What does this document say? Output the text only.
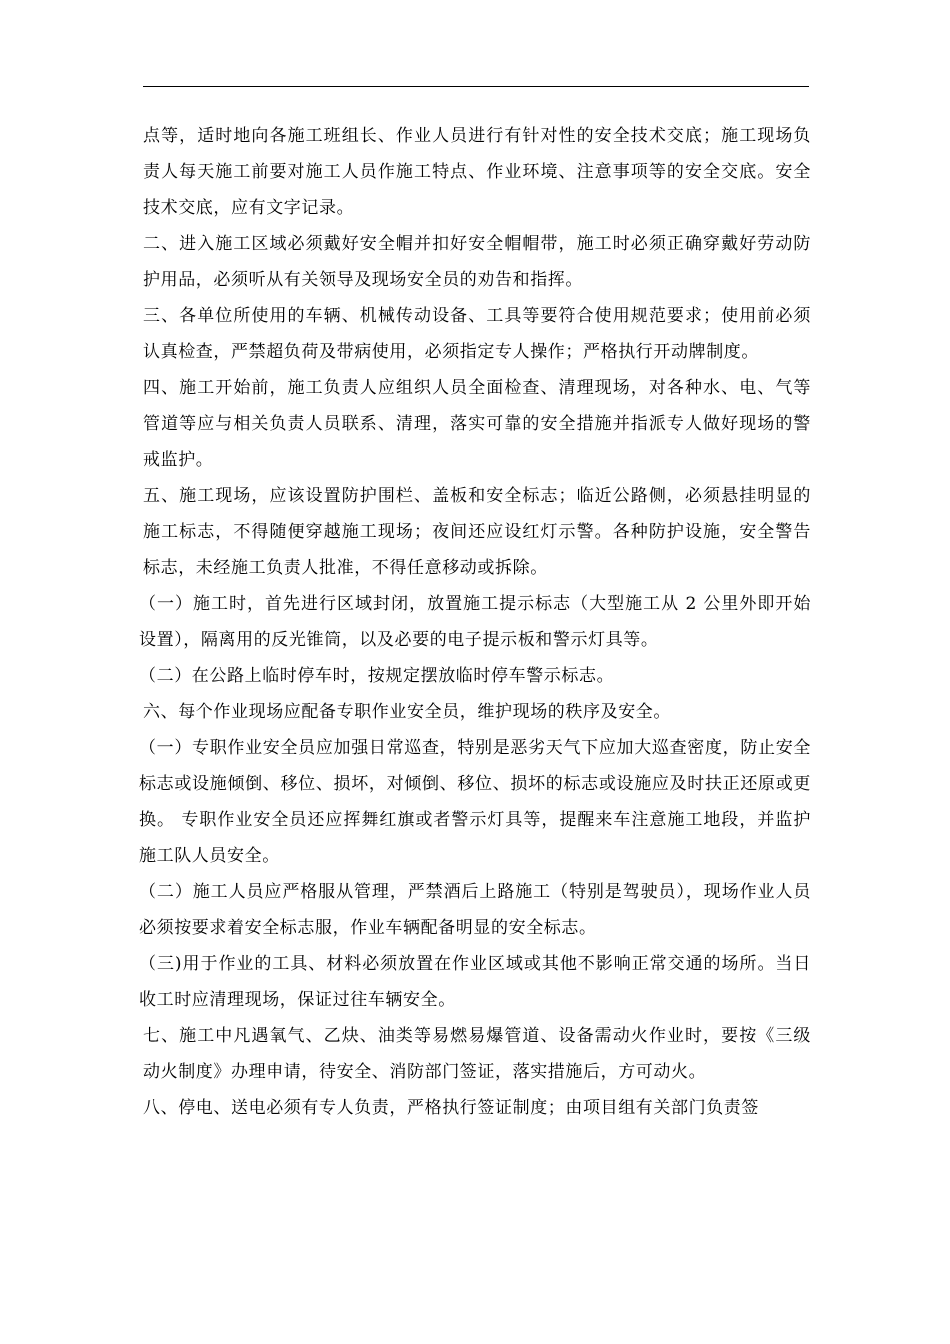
点等，适时地向各施工班组长、作业人员进行有针对性的安全技术交底；施工现场负责人每天施工前要对施工人员作施工特点、作业环境、注意事项等的安全交底。安全技术交底，应有文字记录。

二、进入施工区域必须戴好安全帽并扣好安全帽帽带，施工时必须正确穿戴好劳动防护用品，必须听从有关领导及现场安全员的劝告和指挥。

三、各单位所使用的车辆、机械传动设备、工具等要符合使用规范要求；使用前必须认真检查，严禁超负荷及带病使用，必须指定专人操作；严格执行开动牌制度。

四、施工开始前，施工负责人应组织人员全面检查、清理现场，对各种水、电、气等管道等应与相关负责人员联系、清理，落实可靠的安全措施并指派专人做好现场的警戒监护。

五、施工现场，应该设置防护围栏、盖板和安全标志；临近公路侧，必须悬挂明显的施工标志，不得随便穿越施工现场；夜间还应设红灯示警。各种防护设施，安全警告标志，未经施工负责人批准，不得任意移动或拆除。

（一）施工时，首先进行区域封闭，放置施工提示标志（大型施工从 2 公里外即开始设置），隔离用的反光锥筒，以及必要的电子提示板和警示灯具等。

（二）在公路上临时停车时，按规定摆放临时停车警示标志。

六、每个作业现场应配备专职作业安全员，维护现场的秩序及安全。

（一）专职作业安全员应加强日常巡查，特别是恶劣天气下应加大巡查密度，防止安全标志或设施倾倒、移位、损坏，对倾倒、移位、损坏的标志或设施应及时扶正还原或更换。 专职作业安全员还应挥舞红旗或者警示灯具等，提醒来车注意施工地段，并监护施工队人员安全。

（二）施工人员应严格服从管理，严禁酒后上路施工（特别是驾驶员），现场作业人员必须按要求着安全标志服，作业车辆配备明显的安全标志。

（三)用于作业的工具、材料必须放置在作业区域或其他不影响正常交通的场所。当日收工时应清理现场，保证过往车辆安全。

七、施工中凡遇氧气、乙炔、油类等易燃易爆管道、设备需动火作业时，要按《三级动火制度》办理申请，待安全、消防部门签证，落实措施后，方可动火。

八、停电、送电必须有专人负责，严格执行签证制度；由项目组有关部门负责签
